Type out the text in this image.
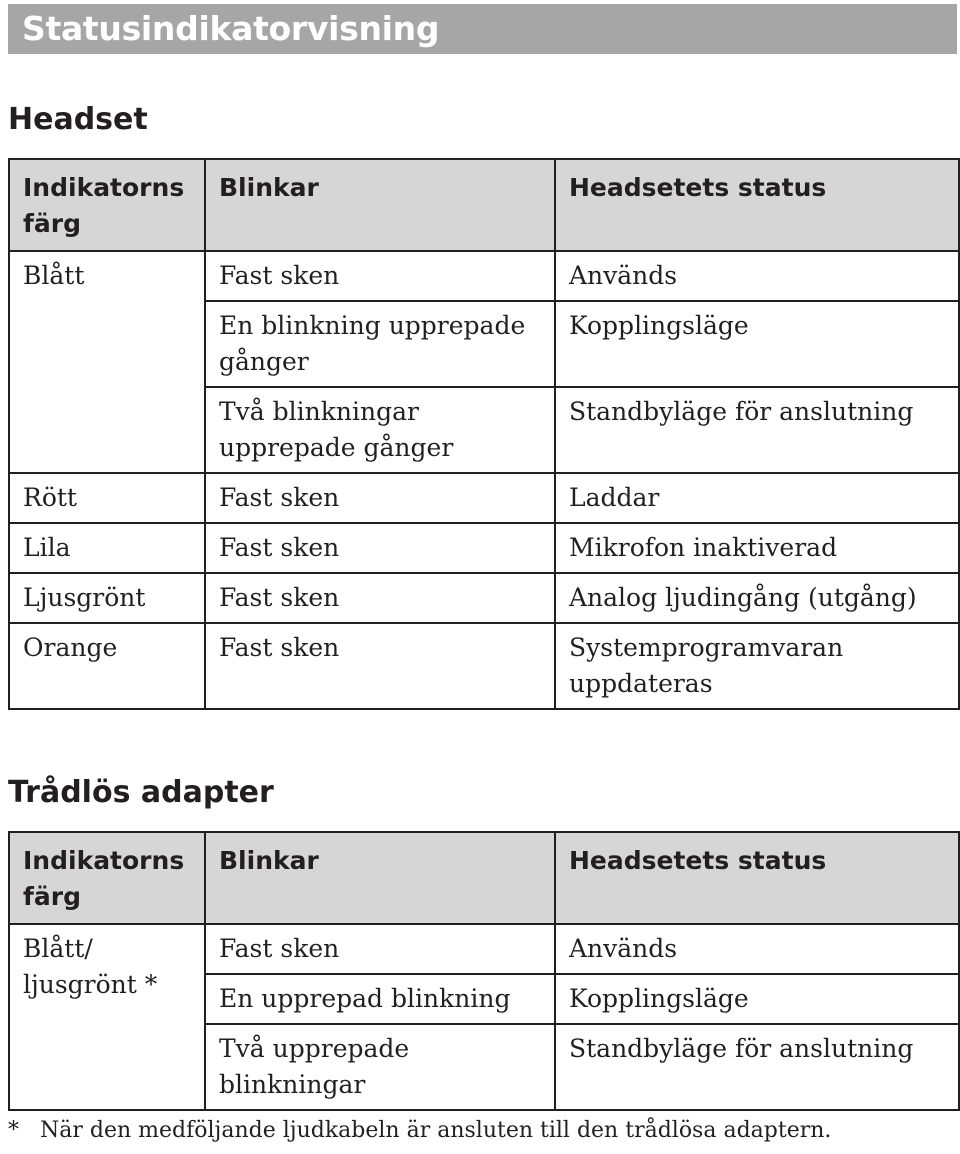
Statusindikatorvisning
Headset
Indikatorns färg	Blinkar	Headsetets status
Blått	Fast sken	Används
	En blinkning upprepade gånger	Kopplingsläge
	Två blinkningar upprepade gånger	Standbyläge för anslutning
Rött	Fast sken	Laddar
Lila	Fast sken	Mikrofon inaktiverad
Ljusgrönt	Fast sken	Analog ljudingång (utgång)
Orange	Fast sken	Systemprogramvaran uppdateras
Trådlös adapter
Indikatorns färg	Blinkar	Headsetets status
Blått/ ljusgrönt *	Fast sken	Används
	En upprepad blinkning	Kopplingsläge
	Två upprepade blinkningar	Standbyläge för anslutning
* När den medföljande ljudkabeln är ansluten till den trådlösa adaptern.
